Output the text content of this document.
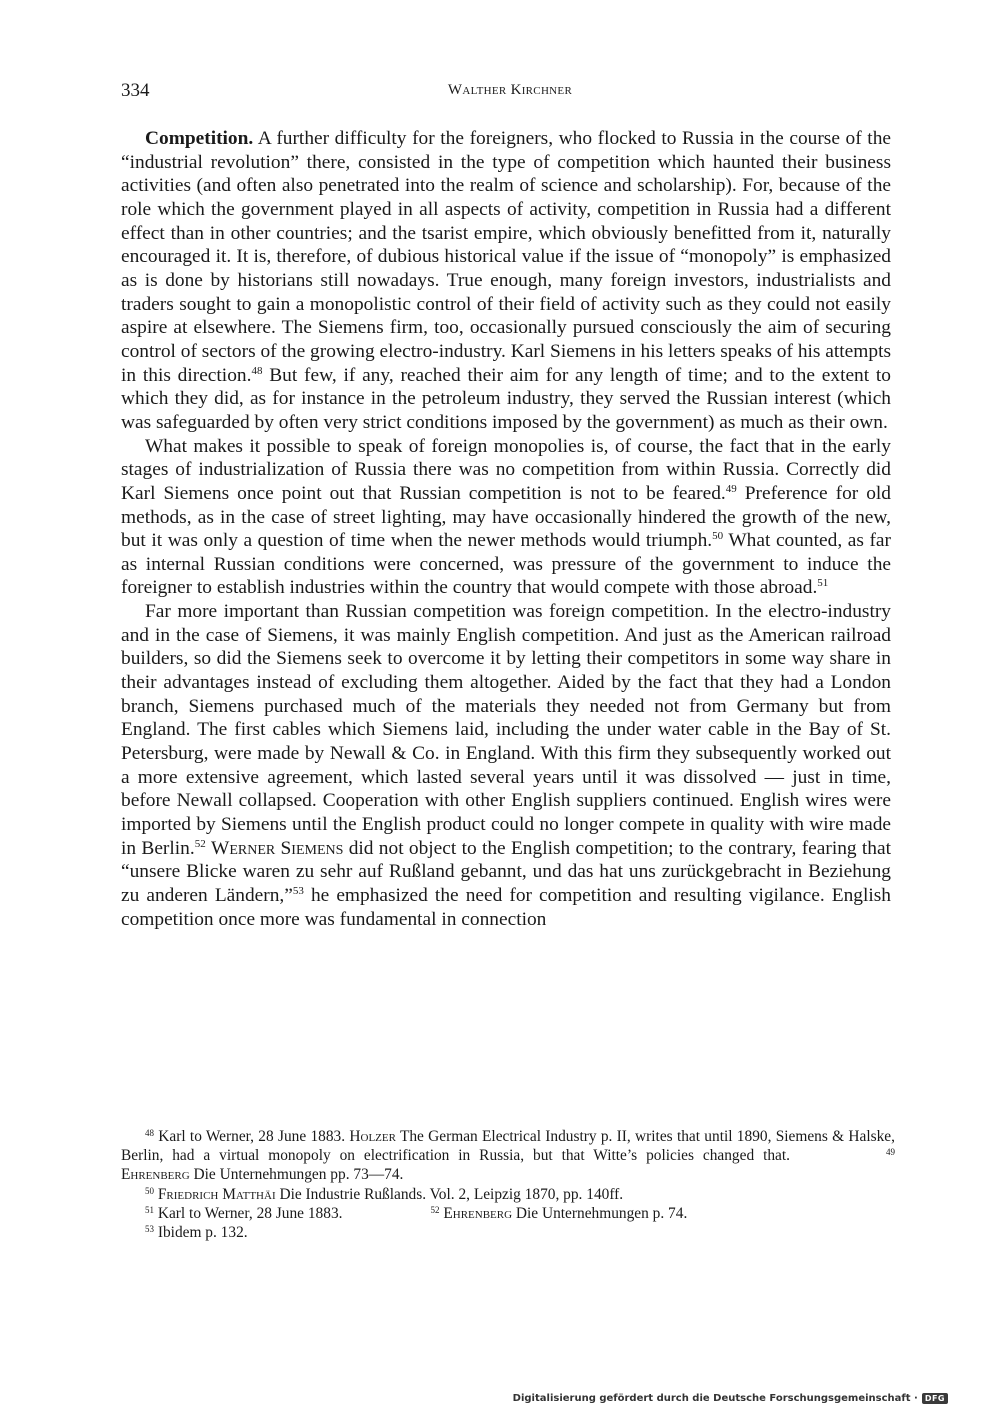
334	Walther Kirchner

Competition. A further difficulty for the foreigners, who flocked to Russia in the course of the “industrial revolution” there, consisted in the type of competition which haunted their business activities (and often also penetrated into the realm of science and scholarship). For, because of the role which the government played in all aspects of activity, competition in Russia had a different effect than in other countries; and the tsarist empire, which obviously benefitted from it, naturally encouraged it. It is, therefore, of dubious historical value if the issue of “monopoly” is emphasized as is done by historians still nowadays. True enough, many foreign investors, industrialists and traders sought to gain a monopolistic control of their field of activity such as they could not easily aspire at elsewhere. The Siemens firm, too, occasionally pursued consciously the aim of securing control of sectors of the growing electro-industry. Karl Siemens in his letters speaks of his attempts in this direction.$^{48}$ But few, if any, reached their aim for any length of time; and to the extent to which they did, as for instance in the petroleum industry, they served the Russian interest (which was safeguarded by often very strict conditions imposed by the government) as much as their own.

What makes it possible to speak of foreign monopolies is, of course, the fact that in the early stages of industrialization of Russia there was no competition from within Russia. Correctly did Karl Siemens once point out that Russian competition is not to be feared.$^{49}$ Preference for old methods, as in the case of street lighting, may have occasionally hindered the growth of the new, but it was only a question of time when the newer methods would triumph.$^{50}$ What counted, as far as internal Russian conditions were concerned, was pressure of the government to induce the foreigner to establish industries within the country that would compete with those abroad.$^{51}$

Far more important than Russian competition was foreign competition. In the electro-industry and in the case of Siemens, it was mainly English competition. And just as the American railroad builders, so did the Siemens seek to overcome it by letting their competitors in some way share in their advantages instead of excluding them altogether. Aided by the fact that they had a London branch, Siemens purchased much of the materials they needed not from Germany but from England. The first cables which Siemens laid, including the under water cable in the Bay of St. Petersburg, were made by Newall & Co. in England. With this firm they subsequently worked out a more extensive agreement, which lasted several years until it was dissolved — just in time, before Newall collapsed. Cooperation with other English suppliers continued. English wires were imported by Siemens until the English product could no longer compete in quality with wire made in Berlin.$^{52}$ Werner Siemens did not object to the English competition; to the contrary, fearing that “unsere Blicke waren zu sehr auf Rußland gebannt, und das hat uns zurückgebracht in Beziehung zu anderen Ländern,”$^{53}$ he emphasized the need for competition and resulting vigilance. English competition once more was fundamental in connection

$^{48}$ Karl to Werner, 28 June 1883. Holzer The German Electrical Industry p. II, writes that until 1890, Siemens & Halske, Berlin, had a virtual monopoly on electrification in Russia, but that Witte’s policies changed that.	$^{49}$ Ehrenberg Die Unternehmungen pp. 73—74.

$^{50}$ Friedrich Matthäi Die Industrie Rußlands. Vol. 2, Leipzig 1870, pp. 140ff.

$^{51}$ Karl to Werner, 28 June 1883.	$^{52}$ Ehrenberg Die Unternehmungen p. 74.

$^{53}$ Ibidem p. 132.

Digitalisierung gefördert durch die Deutsche Forschungsgemeinschaft · DFG
